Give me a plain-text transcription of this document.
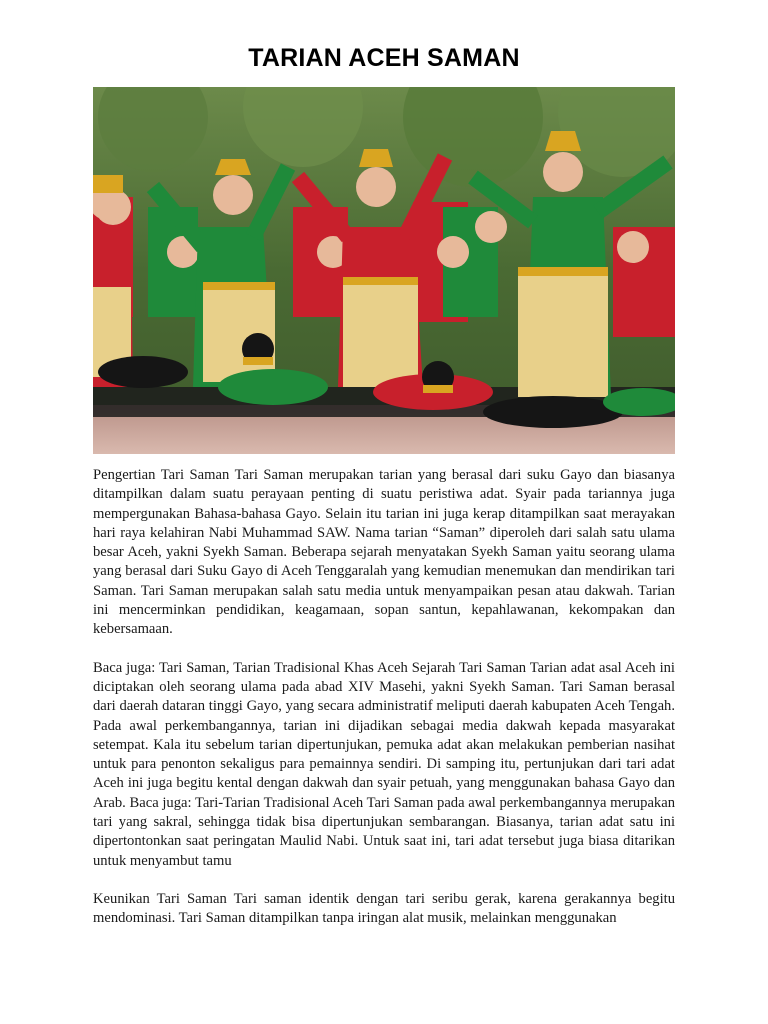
TARIAN ACEH SAMAN

Pengertian Tari Saman Tari Saman merupakan tarian yang berasal dari suku Gayo dan biasanya ditampilkan dalam suatu perayaan penting di suatu peristiwa adat. Syair pada tariannya juga mempergunakan Bahasa-bahasa Gayo. Selain itu tarian ini juga kerap ditampilkan saat merayakan hari raya kelahiran Nabi Muhammad SAW. Nama tarian “Saman” diperoleh dari salah satu ulama besar Aceh, yakni Syekh Saman. Beberapa sejarah menyatakan Syekh Saman yaitu seorang ulama yang berasal dari Suku Gayo di Aceh Tenggaralah yang kemudian menemukan dan mendirikan tari Saman. Tari Saman merupakan salah satu media untuk menyampaikan pesan atau dakwah. Tarian ini mencerminkan pendidikan, keagamaan, sopan santun, kepahlawanan, kekompakan dan kebersamaan.

Baca juga: Tari Saman, Tarian Tradisional Khas Aceh Sejarah Tari Saman Tarian adat asal Aceh ini diciptakan oleh seorang ulama pada abad XIV Masehi, yakni Syekh Saman. Tari Saman berasal dari daerah dataran tinggi Gayo, yang secara administratif meliputi daerah kabupaten Aceh Tengah. Pada awal perkembangannya, tarian ini dijadikan sebagai media dakwah kepada masyarakat setempat. Kala itu sebelum tarian dipertunjukan, pemuka adat akan melakukan pemberian nasihat untuk para penonton sekaligus para pemainnya sendiri. Di samping itu, pertunjukan dari tari adat Aceh ini juga begitu kental dengan dakwah dan syair petuah, yang menggunakan bahasa Gayo dan Arab. Baca juga: Tari-Tarian Tradisional Aceh Tari Saman pada awal perkembangannya merupakan tari yang sakral, sehingga tidak bisa dipertunjukan sembarangan. Biasanya, tarian adat satu ini dipertontonkan saat peringatan Maulid Nabi. Untuk saat ini, tari adat tersebut juga biasa ditarikan untuk menyambut tamu

Keunikan Tari Saman Tari saman identik dengan tari seribu gerak, karena gerakannya begitu mendominasi. Tari Saman ditampilkan tanpa iringan alat musik, melainkan menggunakan
